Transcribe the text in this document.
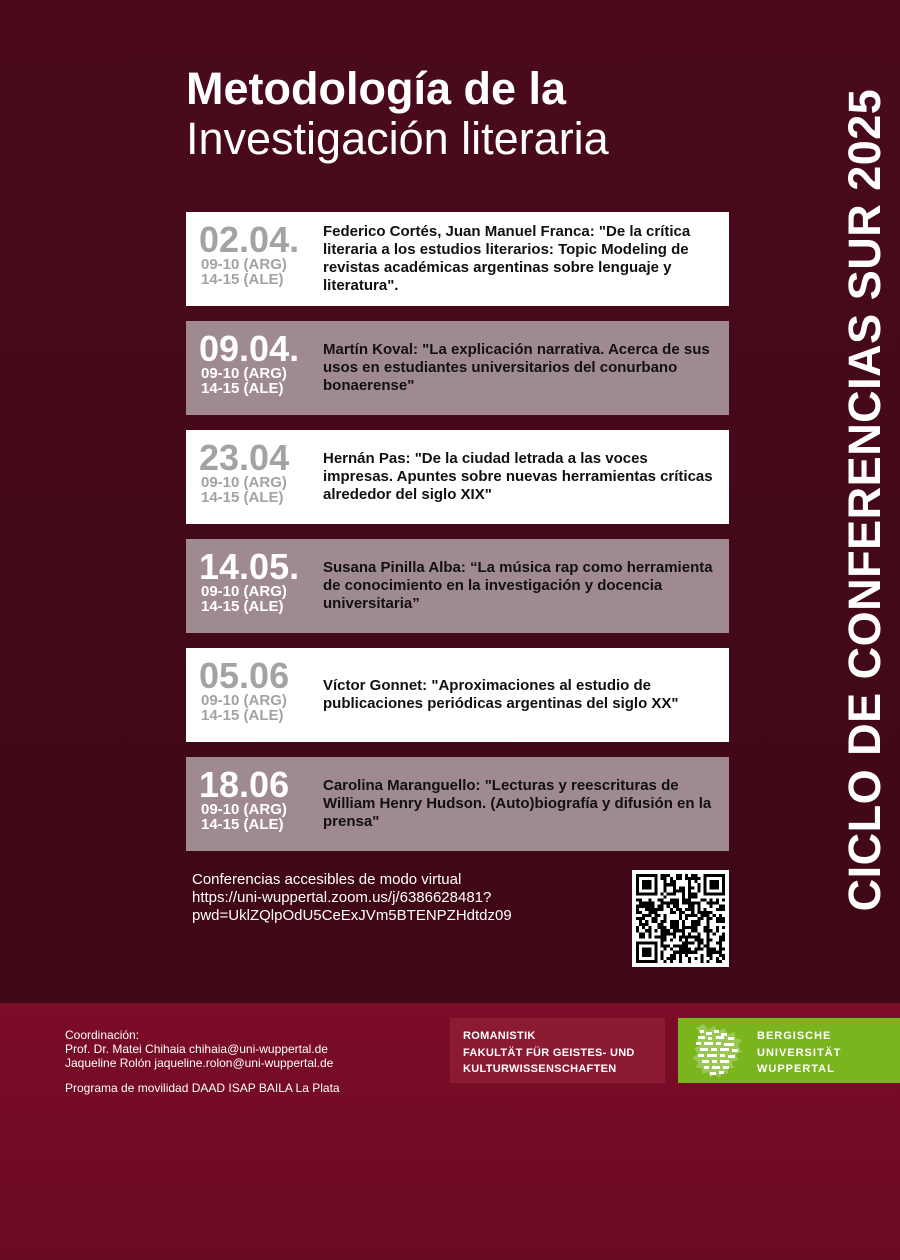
Metodología de la
Investigación literaria	CICLO DE CONFERENCIAS SUR 2025
02.04.
09-10 (ARG)
14-15 (ALE)
Federico Cortés, Juan Manuel Franca: "De la crítica literaria a los estudios literarios: Topic Modeling de revistas académicas argentinas sobre lenguaje y literatura".
09.04.
09-10 (ARG)
14-15 (ALE)
Martín Koval: "La explicación narrativa. Acerca de sus usos en estudiantes universitarios del conurbano bonaerense"
23.04
09-10 (ARG)
14-15 (ALE)
Hernán Pas: "De la ciudad letrada a las voces impresas. Apuntes sobre nuevas herramientas críticas alrededor del siglo XIX"
14.05.
09-10 (ARG)
14-15 (ALE)
Susana Pinilla Alba: “La música rap como herramienta de conocimiento en la investigación y docencia universitaria”
05.06
09-10 (ARG)
14-15 (ALE)
Víctor Gonnet: "Aproximaciones al estudio de publicaciones periódicas argentinas del siglo XX"
18.06
09-10 (ARG)
14-15 (ALE)
Carolina Maranguello: "Lecturas y reescrituras de William Henry Hudson. (Auto)biografía y difusión en la prensa"
Conferencias accesibles de modo virtual
https://uni-wuppertal.zoom.us/j/6386628481?pwd=UklZQlpOdU5CeExJVm5BTENPZHdtdz09
Coordinación:
Prof. Dr. Matei Chihaia chihaia@uni-wuppertal.de
Jaqueline Rolón jaqueline.rolon@uni-wuppertal.de
Programa de movilidad DAAD ISAP BAILA La Plata
ROMANISTIK
FAKULTÄT FÜR GEISTES- UND
KULTURWISSENSCHAFTEN
BERGISCHE
UNIVERSITÄT
WUPPERTAL
